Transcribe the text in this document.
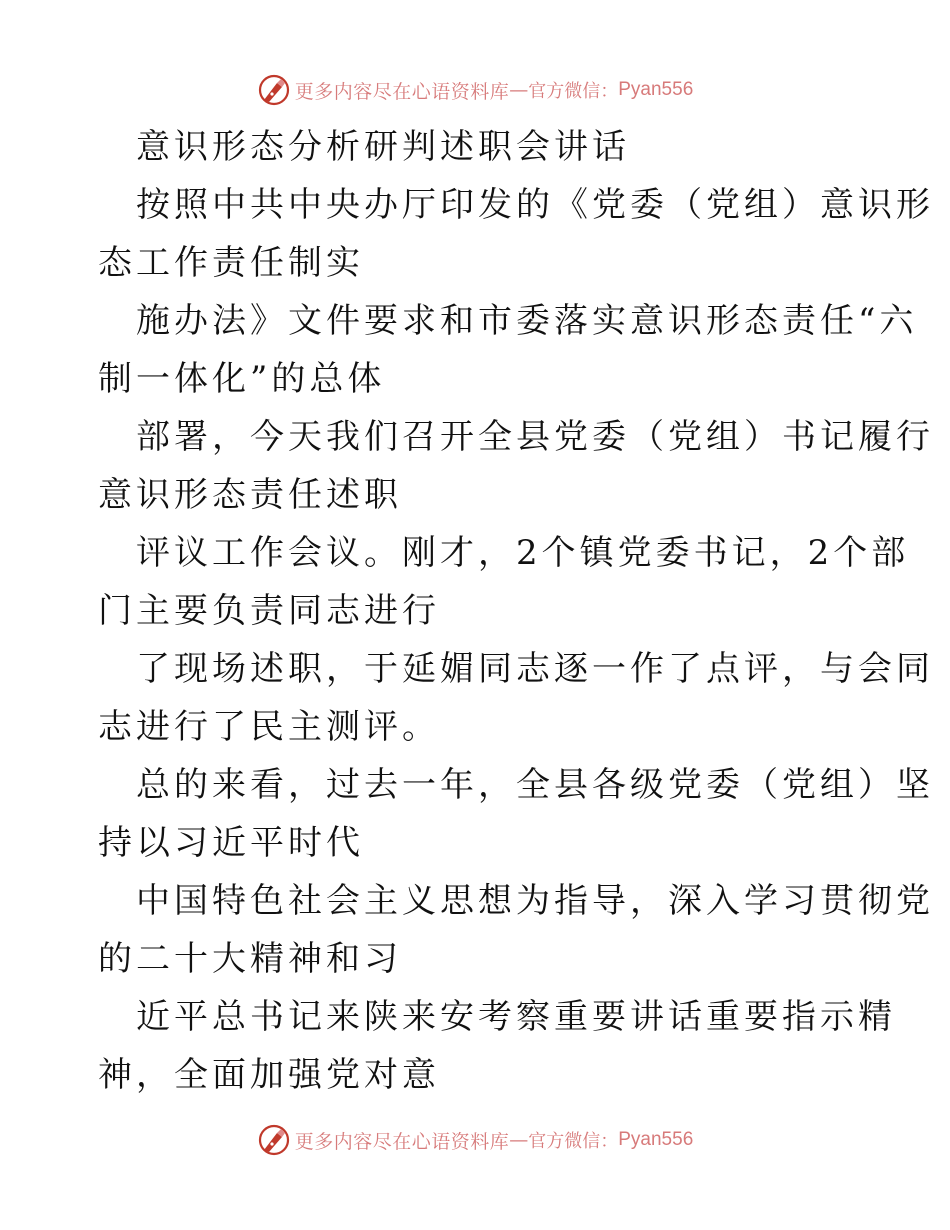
更多内容尽在心语资料库 — 官方微信： Pyan556
意识形态分析研判述职会讲话
按照中共中央办厅印发的《党委（党组）意识形
态工作责任制实
施办法》文件要求和市委落实意识形态责任“六
制一体化”的总体
部署，今天我们召开全县党委（党组）书记履行
意识形态责任述职
评议工作会议。刚才，2个镇党委书记，2个部
门主要负责同志进行
了现场述职，于延媚同志逐一作了点评，与会同
志进行了民主测评。
总的来看，过去一年，全县各级党委（党组）坚
持以习近平时代
中国特色社会主义思想为指导，深入学习贯彻党
的二十大精神和习
近平总书记来陕来安考察重要讲话重要指示精
神，全面加强党对意
更多内容尽在心语资料库 — 官方微信： Pyan556
